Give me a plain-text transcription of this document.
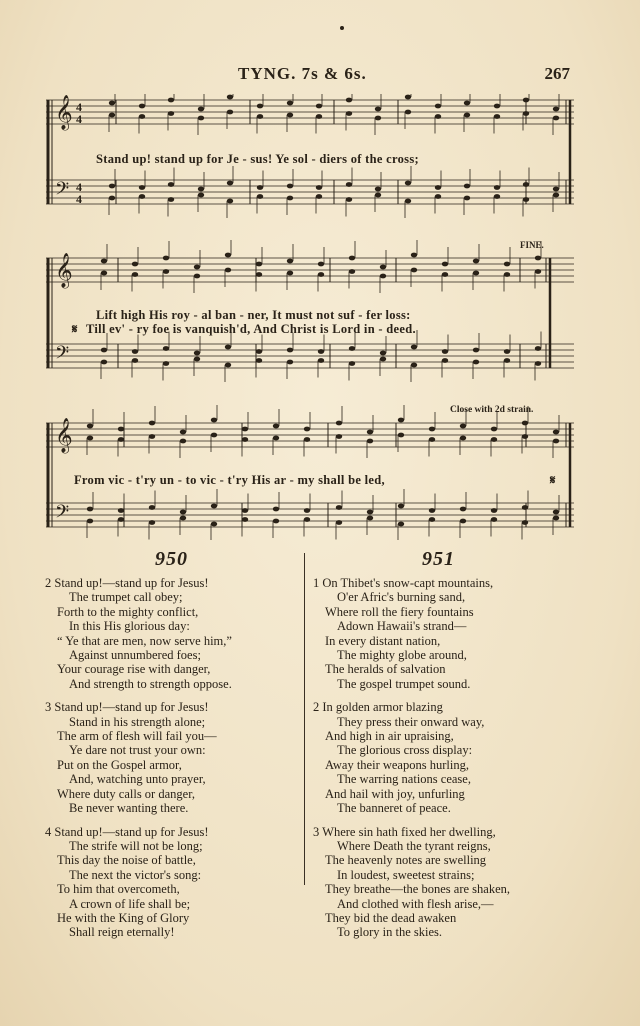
TYNG. 7s & 6s.	267
𝄞
𝄢
4
4
4
4
Stand up! stand up for Je - sus! Ye sol - diers of the cross;
FINE.
𝄞
𝄢
Lift high His roy - al ban - ner, It must not suf - fer loss:
𝄋 Till ev' - ry foe is vanquish'd, And Christ is Lord in - deed.
Close with 2d strain.
𝄞
𝄢
From vic - t'ry un - to vic - t'ry His ar - my shall be led,	𝄋
950	951
2 Stand up!—stand up for Jesus!
The trumpet call obey;
Forth to the mighty conflict,
In this His glorious day:
“ Ye that are men, now serve him,”
Against unnumbered foes;
Your courage rise with danger,
And strength to strength oppose.
3 Stand up!—stand up for Jesus!
Stand in his strength alone;
The arm of flesh will fail you—
Ye dare not trust your own:
Put on the Gospel armor,
And, watching unto prayer,
Where duty calls or danger,
Be never wanting there.
4 Stand up!—stand up for Jesus!
The strife will not be long;
This day the noise of battle,
The next the victor's song:
To him that overcometh,
A crown of life shall be;
He with the King of Glory
Shall reign eternally!
1 On Thibet's snow-capt mountains,
O'er Afric's burning sand,
Where roll the fiery fountains
Adown Hawaii's strand—
In every distant nation,
The mighty globe around,
The heralds of salvation
The gospel trumpet sound.
2 In golden armor blazing
They press their onward way,
And high in air upraising,
The glorious cross display:
Away their weapons hurling,
The warring nations cease,
And hail with joy, unfurling
The banneret of peace.
3 Where sin hath fixed her dwelling,
Where Death the tyrant reigns,
The heavenly notes are swelling
In loudest, sweetest strains;
They breathe—the bones are shaken,
And clothed with flesh arise,—
They bid the dead awaken
To glory in the skies.
